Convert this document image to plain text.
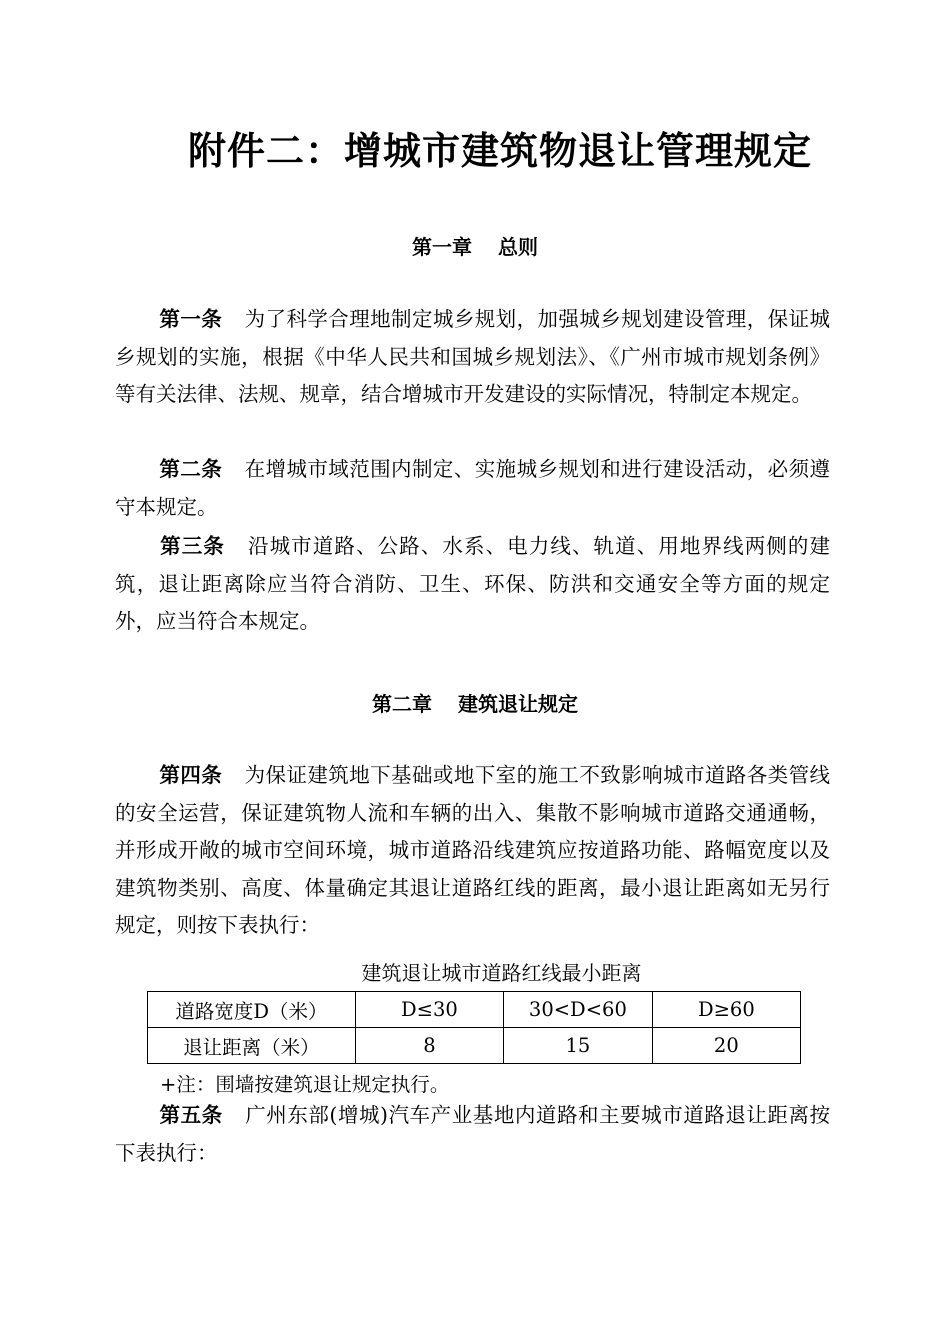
附件二：增城市建筑物退让管理规定
第一章 总则
第一条 为了科学合理地制定城乡规划，加强城乡规划建设管理，保证城乡规划的实施，根据《中华人民共和国城乡规划法》、《广州市城市规划条例》等有关法律、法规、规章，结合增城市开发建设的实际情况，特制定本规定。
第二条 在增城市域范围内制定、实施城乡规划和进行建设活动，必须遵守本规定。
第三条 沿城市道路、公路、水系、电力线、轨道、用地界线两侧的建筑，退让距离除应当符合消防、卫生、环保、防洪和交通安全等方面的规定外，应当符合本规定。
第二章 建筑退让规定
第四条 为保证建筑地下基础或地下室的施工不致影响城市道路各类管线的安全运营，保证建筑物人流和车辆的出入、集散不影响城市道路交通通畅，并形成开敞的城市空间环境，城市道路沿线建筑应按道路功能、路幅宽度以及建筑物类别、高度、体量确定其退让道路红线的距离，最小退让距离如无另行规定，则按下表执行：
建筑退让城市道路红线最小距离
道路宽度D（米）	D≤30	30<D<60	D≥60
退让距离（米）	8	15	20
+注：围墙按建筑退让规定执行。
第五条 广州东部(增城)汽车产业基地内道路和主要城市道路退让距离按下表执行：
